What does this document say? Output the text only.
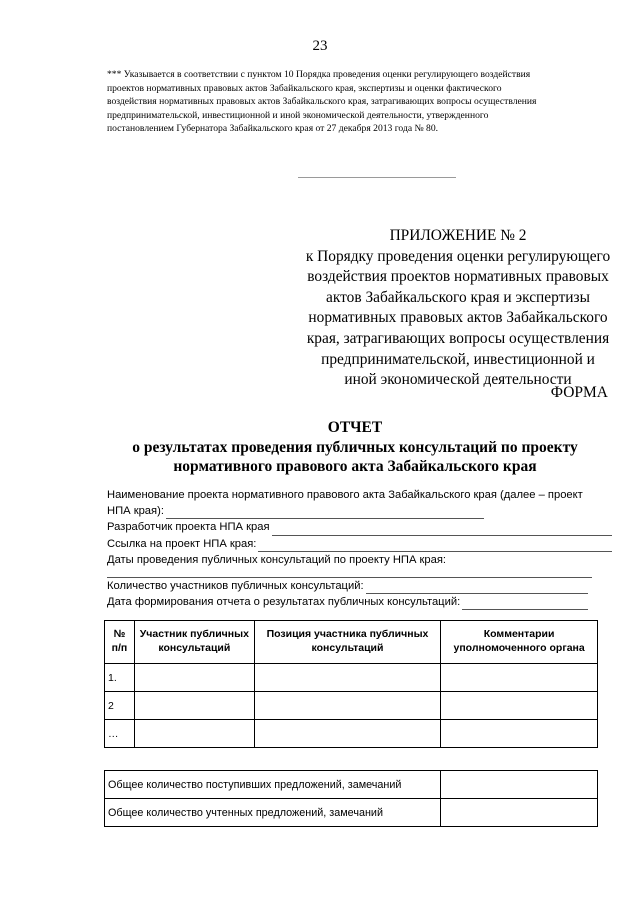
23
*** Указывается в соответствии с пунктом 10 Порядка проведения оценки регулирующего воздействия
проектов нормативных правовых актов Забайкальского края, экспертизы и оценки фактического
воздействия нормативных правовых актов Забайкальского края, затрагивающих вопросы осуществления
предпринимательской, инвестиционной и иной экономической деятельности, утвержденного
постановлением Губернатора Забайкальского края от 27 декабря 2013 года № 80.
ПРИЛОЖЕНИЕ № 2
к Порядку проведения оценки регулирующего
воздействия проектов нормативных правовых
актов Забайкальского края и экспертизы
нормативных правовых актов Забайкальского
края, затрагивающих вопросы осуществления
предпринимательской, инвестиционной и
иной экономической деятельности
ФОРМА
ОТЧЕТ
о результатах проведения публичных консультаций по проекту
нормативного правового акта Забайкальского края
Наименование проекта нормативного правового акта Забайкальского края (далее – проект
НПА края):
Разработчик проекта НПА края
Ссылка на проект НПА края:
Даты проведения публичных консультаций по проекту НПА края:
Количество участников публичных консультаций:
Дата формирования отчета о результатах публичных консультаций:
№ п/п	Участник публичных консультаций	Позиция участника публичных консультаций	Комментарии уполномоченного органа
1.			
2			
…			
Общее количество поступивших предложений, замечаний	
Общее количество учтенных предложений, замечаний	
